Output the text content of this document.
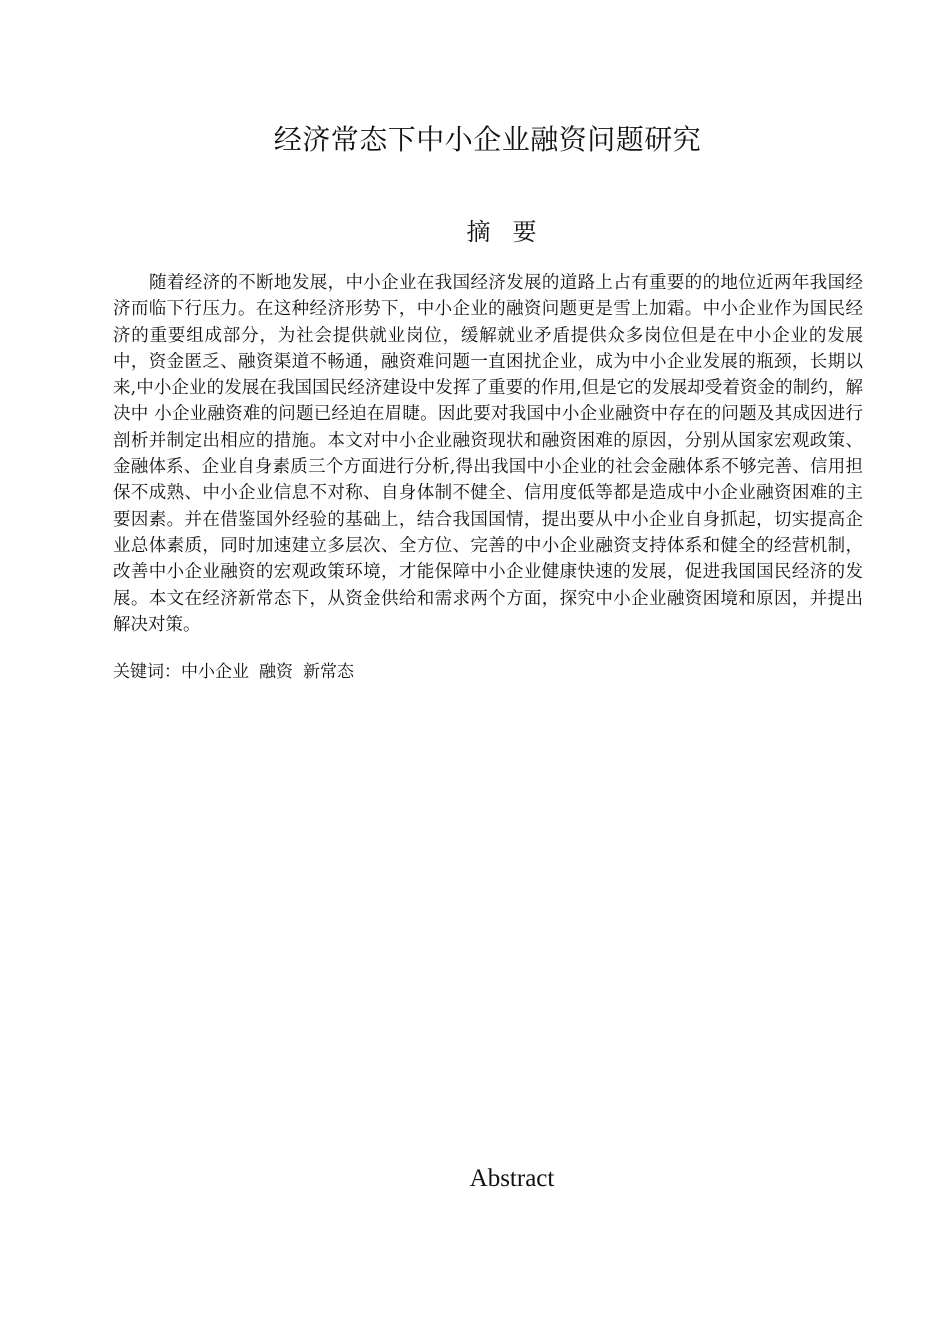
经济常态下中小企业融资问题研究
摘要

随着经济的不断地发展，中小企业在我国经济发展的道路上占有重要的的地位近两年我国经济而临下行压力。在这种经济形势下，中小企业的融资问题更是雪上加霜。中小企业作为国民经济的重要组成部分，为社会提供就业岗位，缓解就业矛盾提供众多岗位但是在中小企业的发展中，资金匿乏、融资渠道不畅通，融资难问题一直困扰企业，成为中小企业发展的瓶颈，长期以来,中小企业的发展在我国国民经济建设中发挥了重要的作用,但是它的发展却受着资金的制约，解决中 小企业融资难的问题已经迫在眉睫。因此要对我国中小企业融资中存在的问题及其成因进行剖析并制定出相应的措施。本文对中小企业融资现状和融资困难的原因，分别从国家宏观政策、金融体系、企业自身素质三个方面进行分析,得出我国中小企业的社会金融体系不够完善、信用担保不成熟、中小企业信息不对称、自身体制不健全、信用度低等都是造成中小企业融资困难的主要因素。并在借鉴国外经验的基础上，结合我国国情，提出要从中小企业自身抓起，切实提高企业总体素质，同时加速建立多层次、全方位、完善的中小企业融资支持体系和健全的经营机制，改善中小企业融资的宏观政策环境，才能保障中小企业健康快速的发展，促进我国国民经济的发展。本文在经济新常态下，从资金供给和需求两个方面，探究中小企业融资困境和原因，并提出解决对策。

关键词：中小企业 融资 新常态
Abstract
